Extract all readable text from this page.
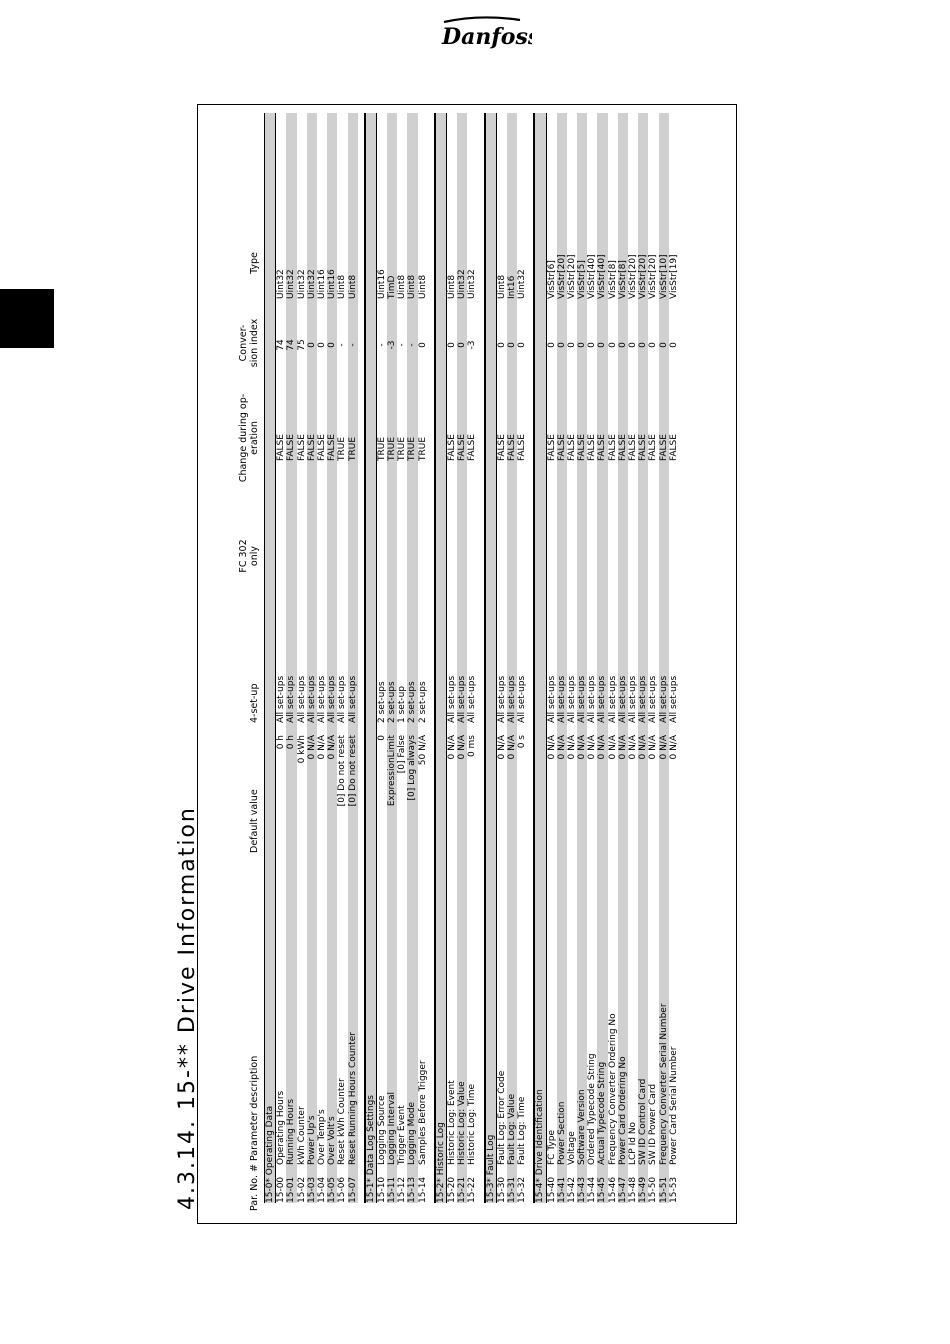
Danfoss
4.3.14. 15-** Drive Information	Par. No. # Parameter description
Default value
4-set-up
FC 302
only
Change during op-
eration
Conver-
sion index
Type
15-0* Operating Data 15-00
Operating Hours
0 h
All set-ups
FALSE
74
Uint32
15-01
Running Hours
0 h
All set-ups
FALSE
74
Uint32
15-02
kWh Counter
0 kWh
All set-ups
FALSE
75
Uint32
15-03
Power Up's
0 N/A
All set-ups
FALSE
0
Uint32
15-04
Over Temp's
0 N/A
All set-ups
FALSE
0
Uint16
15-05
Over Volt's
0 N/A
All set-ups
FALSE
0
Uint16
15-06
Reset kWh Counter
[0] Do not reset
All set-ups
TRUE
-
Uint8
15-07
Reset Running Hours Counter
[0] Do not reset
All set-ups
TRUE
-
Uint8
15-1* Data Log Settings 15-10
Logging Source
0
2 set-ups
TRUE
-
Uint16
15-11
Logging Interval
ExpressionLimit
2 set-ups
TRUE
-3
TimD
15-12
Trigger Event
[0] False
1 set-up
TRUE
-
Uint8
15-13
Logging Mode
[0] Log always
2 set-ups
TRUE
-
Uint8
15-14
Samples Before Trigger
50 N/A
2 set-ups
TRUE
0
Uint8
15-2* Historic Log 15-20
Historic Log: Event
0 N/A
All set-ups
FALSE
0
Uint8
15-21
Historic Log: Value
0 N/A
All set-ups
FALSE
0
Uint32
15-22
Historic Log: Time
0 ms
All set-ups
FALSE
-3
Uint32
15-3* Fault Log 15-30
Fault Log: Error Code
0 N/A
All set-ups
FALSE
0
Uint8
15-31
Fault Log: Value
0 N/A
All set-ups
FALSE
0
Int16
15-32
Fault Log: Time
0 s
All set-ups
FALSE
0
Uint32
15-4* Drive Identification 15-40
FC Type
0 N/A
All set-ups
FALSE
0
VisStr[6]
15-41
Power Section
0 N/A
All set-ups
FALSE
0
VisStr[20]
15-42
Voltage
0 N/A
All set-ups
FALSE
0
VisStr[20]
15-43
Software Version
0 N/A
All set-ups
FALSE
0
VisStr[5]
15-44
Ordered Typecode String
0 N/A
All set-ups
FALSE
0
VisStr[40]
15-45
Actual Typecode String
0 N/A
All set-ups
FALSE
0
VisStr[40]
15-46
Frequency Converter Ordering No
0 N/A
All set-ups
FALSE
0
VisStr[8]
15-47
Power Card Ordering No
0 N/A
All set-ups
FALSE
0
VisStr[8]
15-48
LCP Id No
0 N/A
All set-ups
FALSE
0
VisStr[20]
15-49
SW ID Control Card
0 N/A
All set-ups
FALSE
0
VisStr[20]
15-50
SW ID Power Card
0 N/A
All set-ups
FALSE
0
VisStr[20]
15-51
Frequency Converter Serial Number
0 N/A
All set-ups
FALSE
0
VisStr[10]
15-53
Power Card Serial Number
0 N/A
All set-ups
FALSE
0
VisStr[19]
